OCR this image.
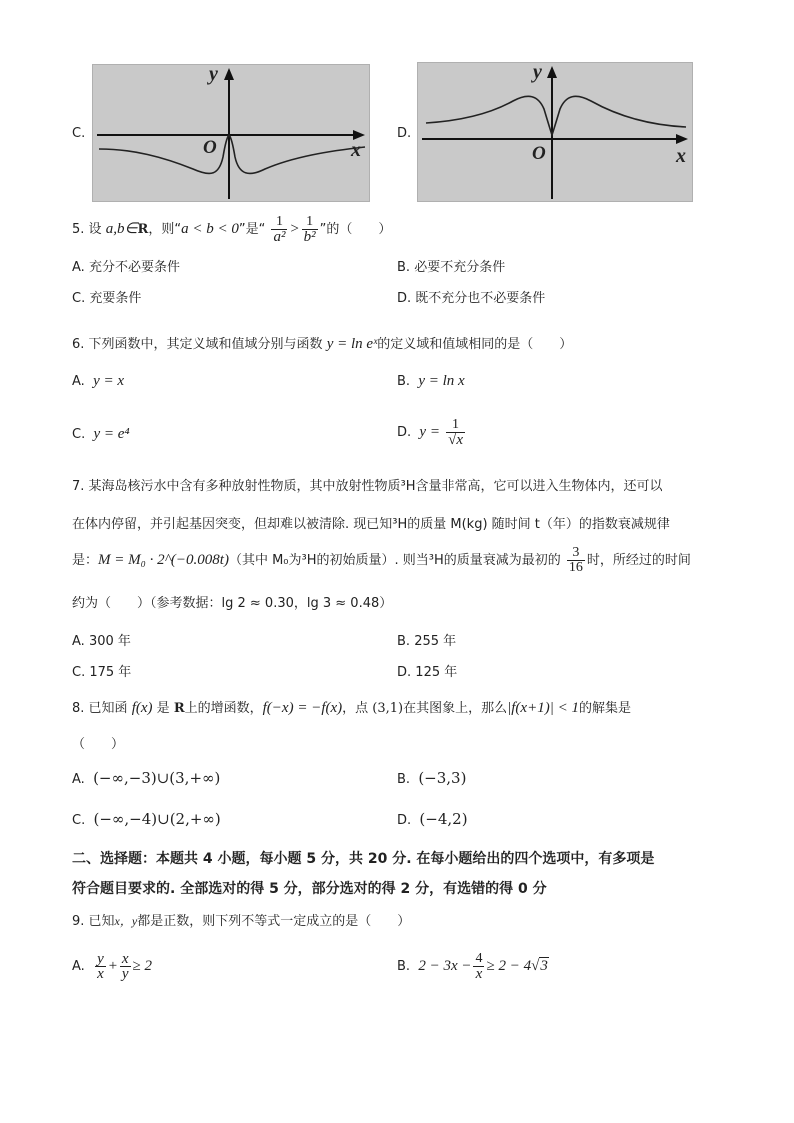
C.
y
x
O
D.
y
x
O
5. 设 a,b∈R，则“a < b < 0”是“ $\frac{1}{\text{a²}} > \frac{1}{\text{b²}}$ ”的（　　）
A. 充分不必要条件	B. 必要不充分条件
C. 充要条件	D. 既不充分也不必要条件
6. 下列函数中，其定义域和值域分别与函数 y = ln eˣ的定义域和值域相同的是（　　）
A. y = x	B. y = ln x
C. y = e⁴	D. $y = \frac{1}{√x}$
7. 某海岛核污水中含有多种放射性物质，其中放射性物质³H含量非常高，它可以进入生物体内，还可以
在体内停留，并引起基因突变，但却难以被清除. 现已知³H的质量 M(kg) 随时间 t（年）的指数衰减规律
是：M = M₀ · 2^(−0.008t)（其中 M₀为³H的初始质量）. 则当³H的质量衰减为最初的 $\frac{3}{16}$ 时，所经过的时间
约为（　　）（参考数据：lg 2 ≈ 0.30，lg 3 ≈ 0.48）
A. 300 年	B. 255 年
C. 175 年	D. 125 年
8. 已知函 f(x) 是 R上的增函数，f(−x) = −f(x)，点 (3,1)在其图象上，那么|f(x+1)| < 1的解集是
（　　）
A. (−∞,−3)∪(3,+∞)	B. (−3,3)
C. (−∞,−4)∪(2,+∞)	D. (−4,2)
二、选择题：本题共 4 小题，每小题 5 分，共 20 分. 在每小题给出的四个选项中，有多项是
符合题目要求的. 全部选对的得 5 分，部分选对的得 2 分，有选错的得 0 分
9. 已知x，y都是正数，则下列不等式一定成立的是（　　）
A. $\frac{y}{x} + \frac{x}{y} \ge 2$	B. $2 - 3x - \frac{4}{x} \ge 2 - 4√3$
